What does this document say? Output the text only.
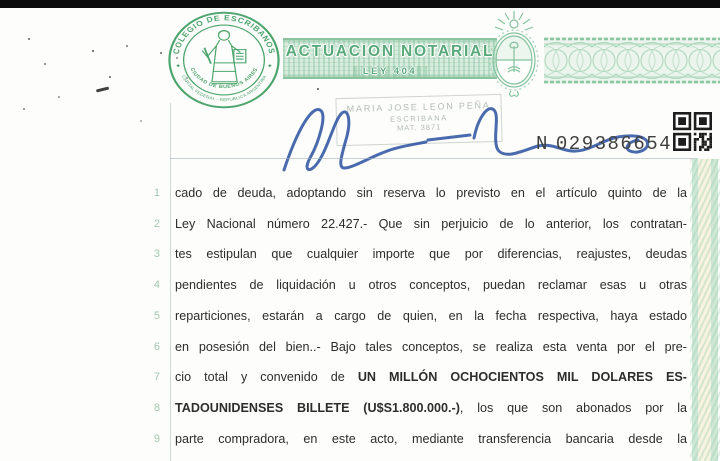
COLEGIO DE ESCRIBANOS
CIUDAD DE BUENOS AIRES
CAPITAL FEDERAL - REPUBLICA ARGENTINA
ACTUACION NOTARIAL
LEY 404
MARIA JOSE LEON PEÑA
ESCRIBANA
MAT. 3871
N 029386654
1 cado de deuda, adoptando sin reserva lo previsto en el artículo quinto de la
2 Ley Nacional número 22.427.- Que sin perjuicio de lo anterior, los contratan-
3 tes estipulan que cualquier importe que por diferencias, reajustes, deudas
4 pendientes de liquidación u otros conceptos, puedan reclamar esas u otras
5 reparticiones, estarán a cargo de quien, en la fecha respectiva, haya estado
6 en posesión del bien..- Bajo tales conceptos, se realiza esta venta por el pre-
7 cio total y convenido de UN MILLÓN OCHOCIENTOS MIL DOLARES ES-
8 TADOUNIDENSES BILLETE (U$S1.800.000.-), los que son abonados por la
9 parte compradora, en este acto, mediante transferencia bancaria desde la
